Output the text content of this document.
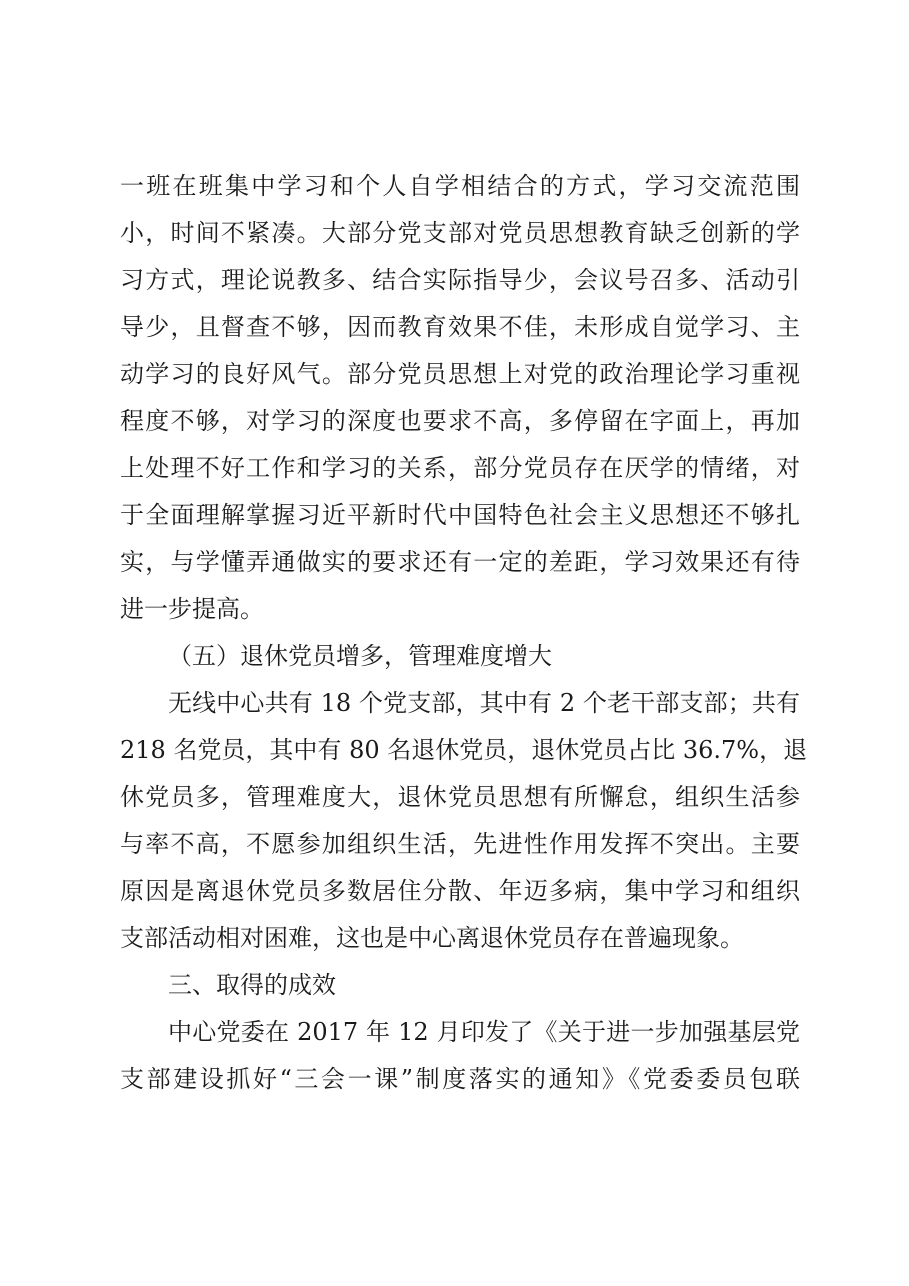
一班在班集中学习和个人自学相结合的方式，学习交流范围
小，时间不紧凑。大部分党支部对党员思想教育缺乏创新的学
习方式，理论说教多、结合实际指导少，会议号召多、活动引
导少，且督查不够，因而教育效果不佳，未形成自觉学习、主
动学习的良好风气。部分党员思想上对党的政治理论学习重视
程度不够，对学习的深度也要求不高，多停留在字面上，再加
上处理不好工作和学习的关系，部分党员存在厌学的情绪，对
于全面理解掌握习近平新时代中国特色社会主义思想还不够扎
实，与学懂弄通做实的要求还有一定的差距，学习效果还有待
进一步提高。
（五）退休党员增多，管理难度增大
无线中心共有 18 个党支部，其中有 2 个老干部支部；共有
218 名党员，其中有 80 名退休党员，退休党员占比 36.7%，退
休党员多，管理难度大，退休党员思想有所懈怠，组织生活参
与率不高，不愿参加组织生活，先进性作用发挥不突出。主要
原因是离退休党员多数居住分散、年迈多病，集中学习和组织
支部活动相对困难，这也是中心离退休党员存在普遍现象。
三、取得的成效
中心党委在 2017 年 12 月印发了《关于进一步加强基层党
支部建设抓好“三会一课”制度落实的通知》《党委委员包联
